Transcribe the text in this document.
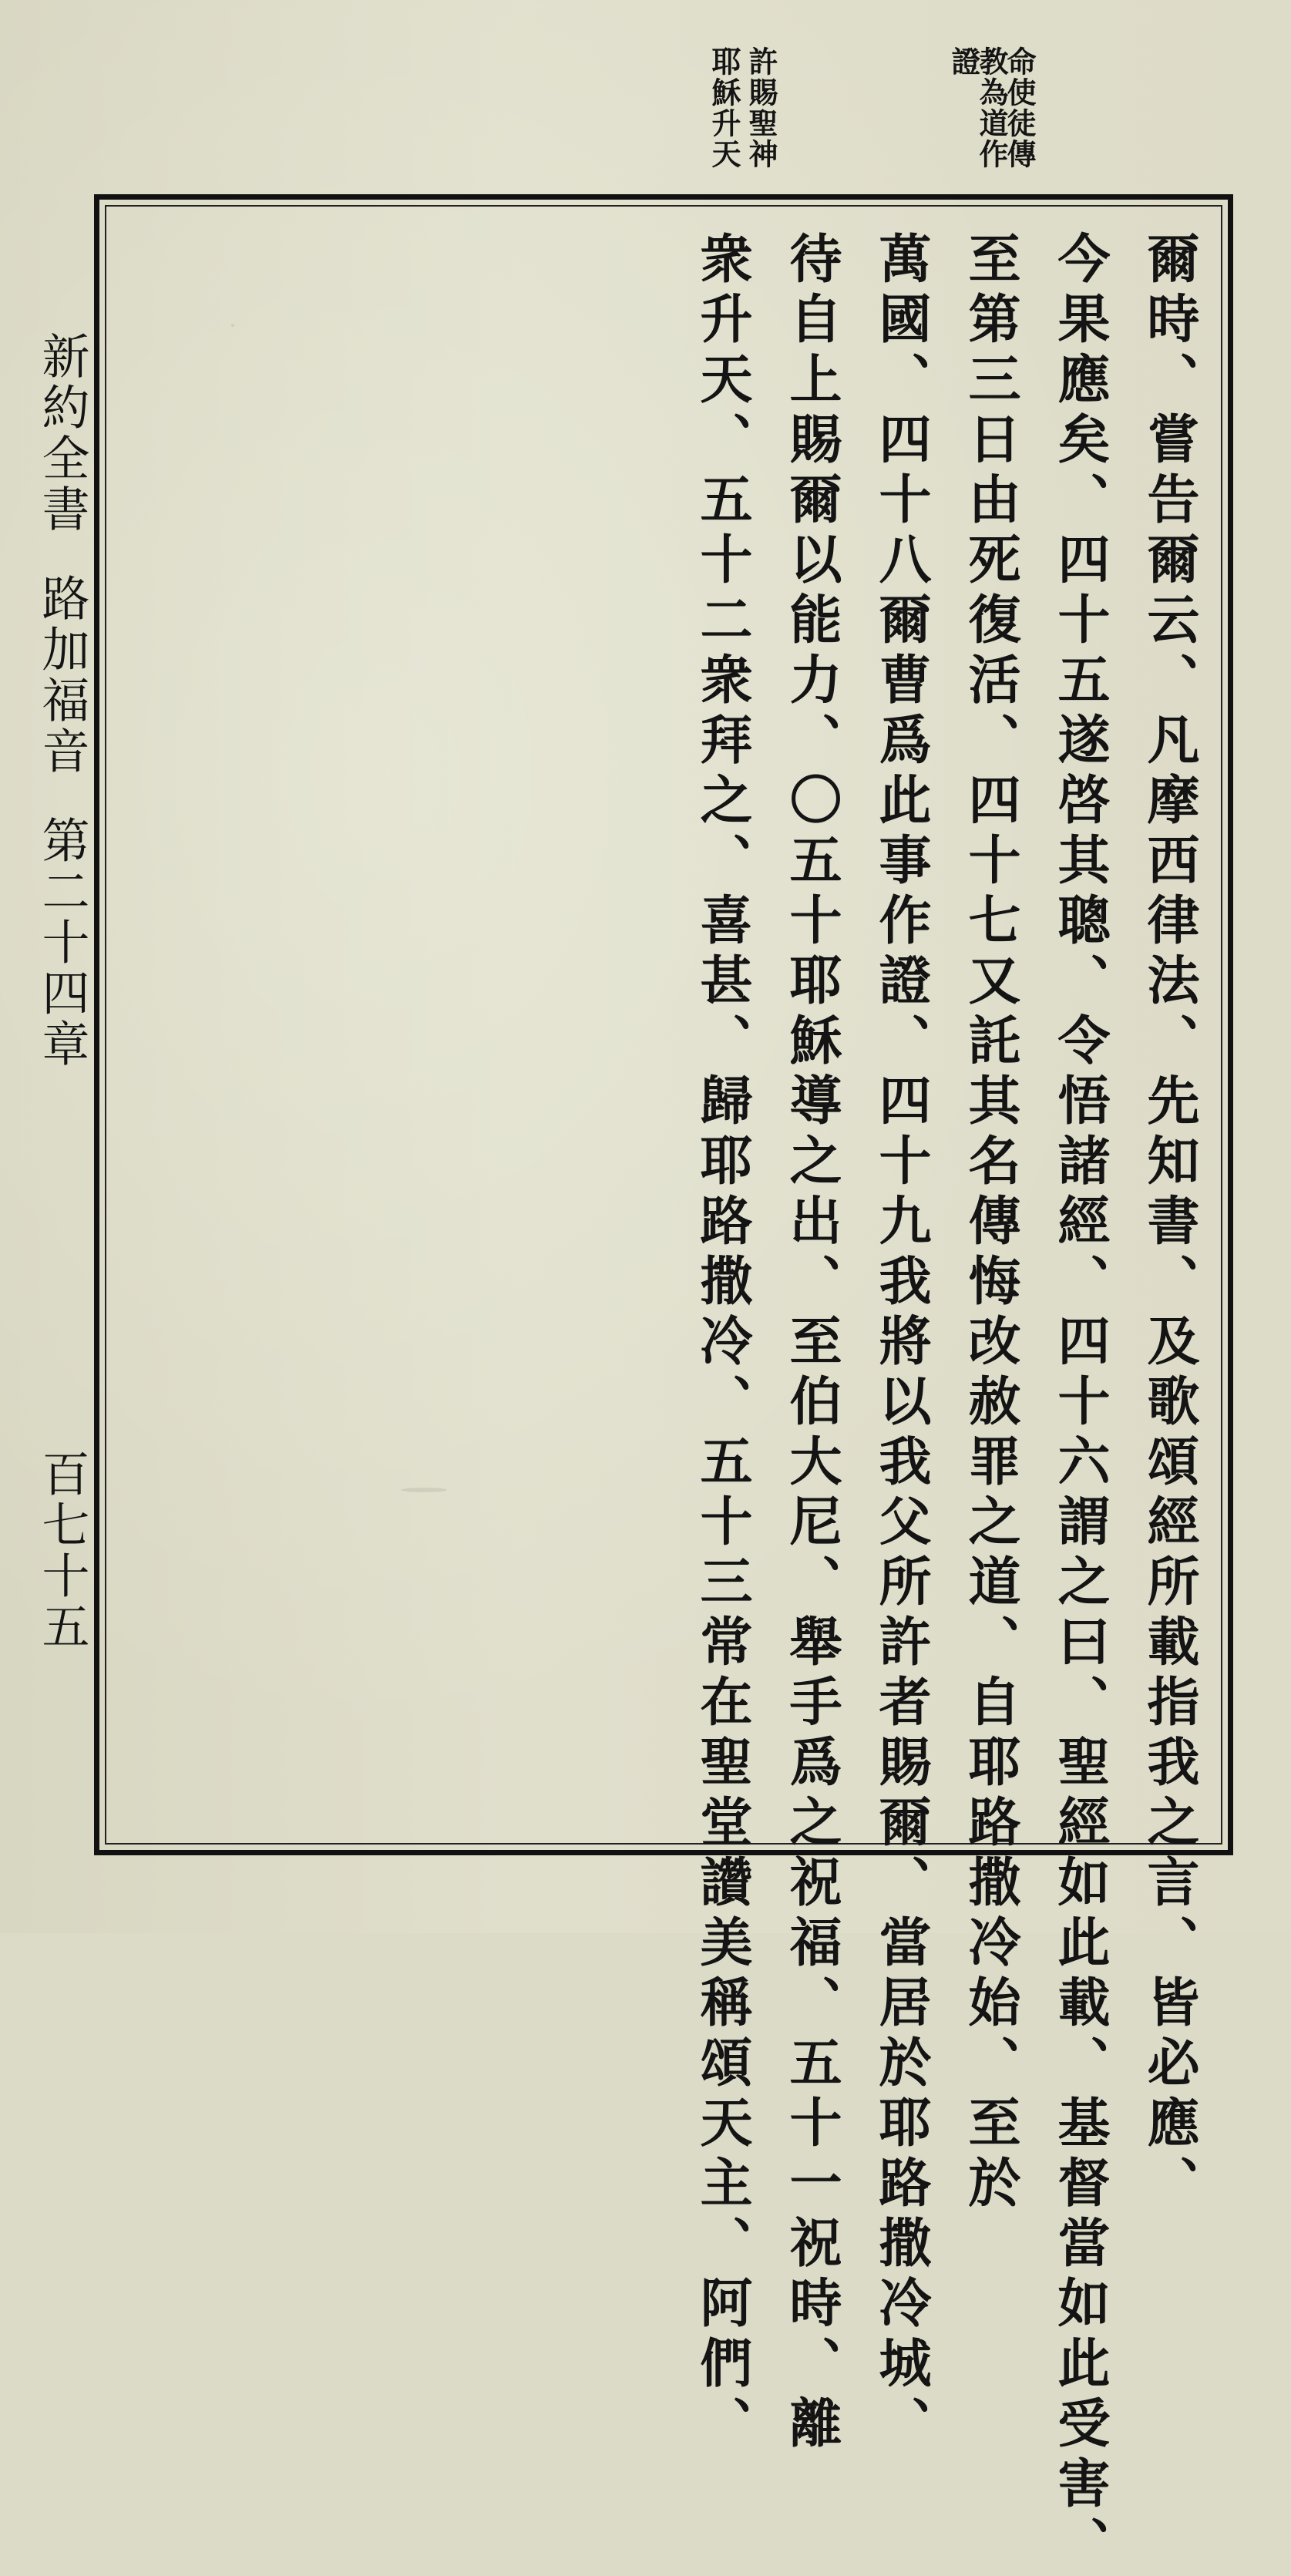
命使徒傳
教為道作
證
許賜聖神
耶穌升天
爾時、嘗告爾云、凡摩西律法、先知書、及歌頌經所載指我之言、皆必應、
今果應矣、四十五遂啓其聰、令悟諸經、四十六謂之曰、聖經如此載、基督當如此受害、
至第三日由死復活、四十七又託其名傳悔改赦罪之道、自耶路撒冷始、至於
萬國、四十八爾曹爲此事作證、四十九我將以我父所許者賜爾、當居於耶路撒冷城、
待自上賜爾以能力、〇五十耶穌導之出、至伯大尼、舉手爲之祝福、五十一祝時、離
衆升天、五十二衆拜之、喜甚、歸耶路撒冷、五十三常在聖堂讚美稱頌天主、阿們、
新約全書路加福音第二十四章
百七十五
